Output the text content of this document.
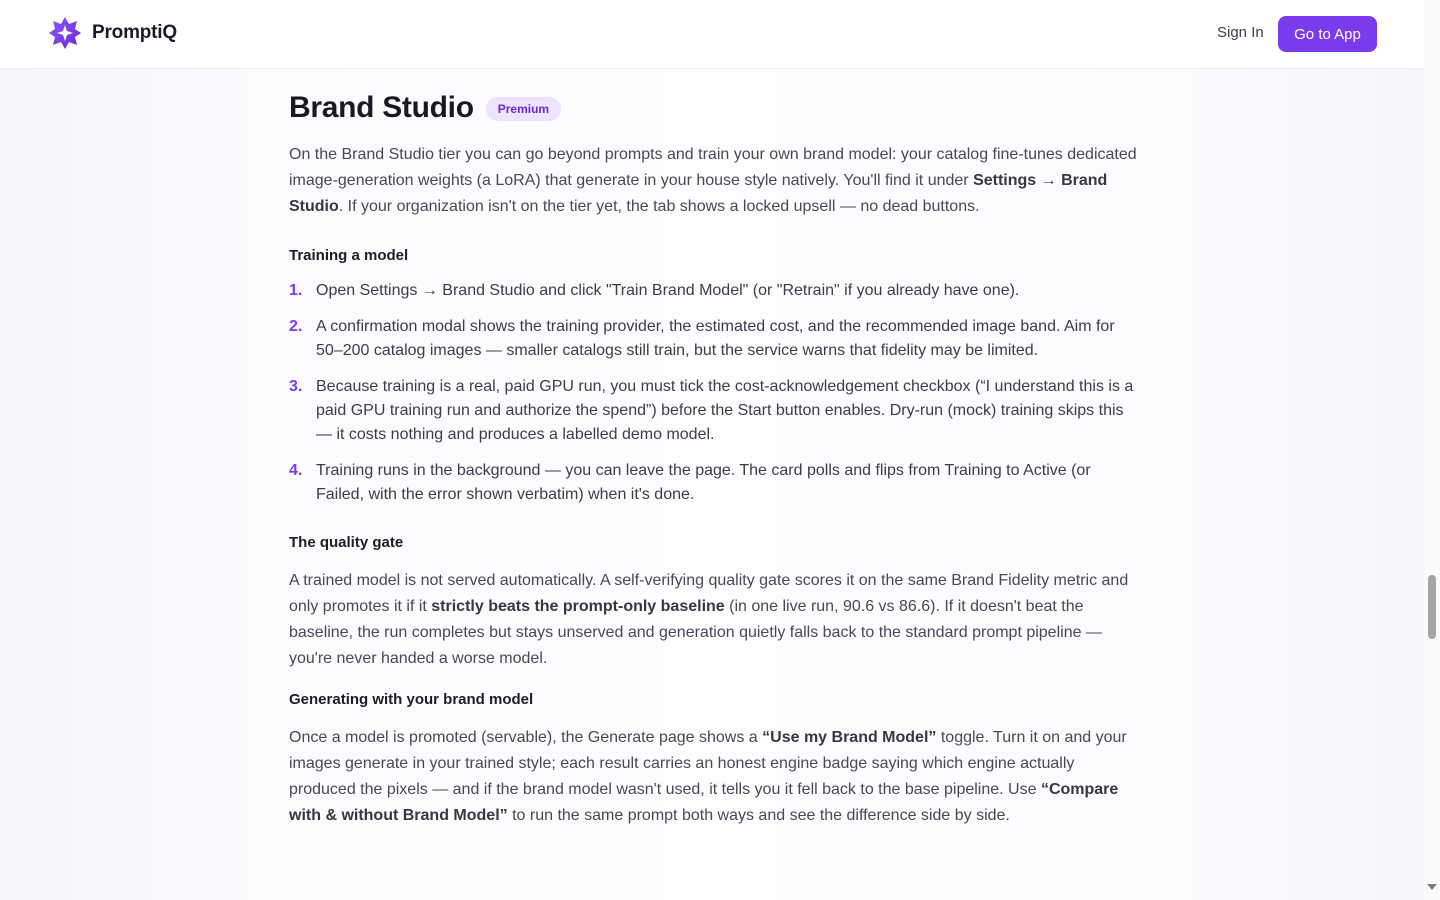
PromptiQ	Sign In	Go to App
Brand Studio	Premium

On the Brand Studio tier you can go beyond prompts and train your own brand model: your catalog fine-tunes dedicated image-generation weights (a LoRA) that generate in your house style natively. You'll find it under Settings → Brand Studio. If your organization isn't on the tier yet, the tab shows a locked upsell — no dead buttons.

Training a model
1. Open Settings → Brand Studio and click "Train Brand Model" (or "Retrain" if you already have one).
2. A confirmation modal shows the training provider, the estimated cost, and the recommended image band. Aim for 50–200 catalog images — smaller catalogs still train, but the service warns that fidelity may be limited.
3. Because training is a real, paid GPU run, you must tick the cost-acknowledgement checkbox (“I understand this is a paid GPU training run and authorize the spend”) before the Start button enables. Dry-run (mock) training skips this — it costs nothing and produces a labelled demo model.
4. Training runs in the background — you can leave the page. The card polls and flips from Training to Active (or Failed, with the error shown verbatim) when it's done.
The quality gate

A trained model is not served automatically. A self-verifying quality gate scores it on the same Brand Fidelity metric and only promotes it if it strictly beats the prompt-only baseline (in one live run, 90.6 vs 86.6). If it doesn't beat the baseline, the run completes but stays unserved and generation quietly falls back to the standard prompt pipeline — you're never handed a worse model.

Generating with your brand model

Once a model is promoted (servable), the Generate page shows a “Use my Brand Model” toggle. Turn it on and your images generate in your trained style; each result carries an honest engine badge saying which engine actually produced the pixels — and if the brand model wasn't used, it tells you it fell back to the base pipeline. Use “Compare with & without Brand Model” to run the same prompt both ways and see the difference side by side.
